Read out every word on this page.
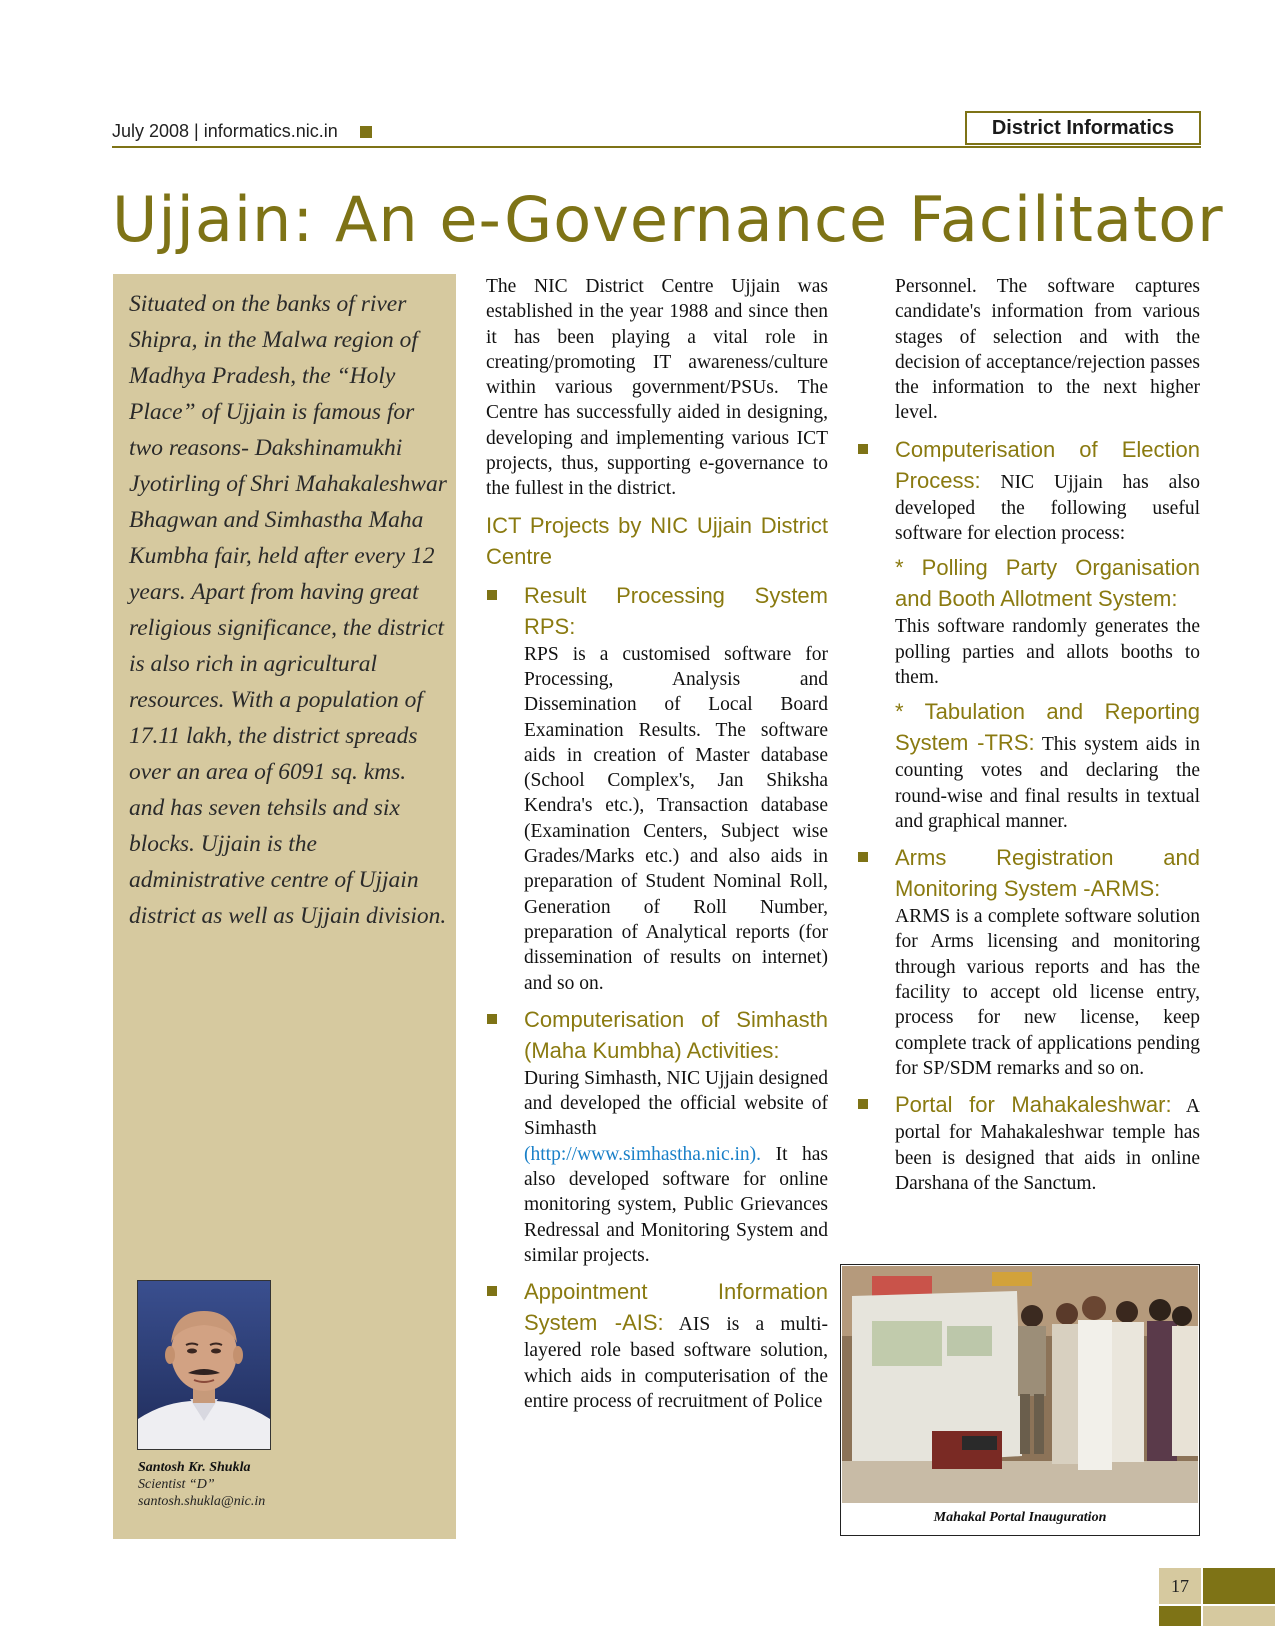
July 2008 | informatics.nic.in	District Informatics
Ujjain: An e-Governance Facilitator
Situated on the banks of river Shipra, in the Malwa region of Madhya Pradesh, the “Holy Place” of Ujjain is famous for two reasons- Dakshinamukhi Jyotirling of Shri Mahakaleshwar Bhagwan and Simhastha Maha Kumbha fair, held after every 12 years. Apart from having great religious significance, the district is also rich in agricultural resources. With a population of 17.11 lakh, the district spreads over an area of 6091 sq. kms. and has seven tehsils and six blocks. Ujjain is the administrative centre of Ujjain district as well as Ujjain division.
Santosh Kr. Shukla
Scientist “D”
santosh.shukla@nic.in

The NIC District Centre Ujjain was established in the year 1988 and since then it has been playing a vital role in creating/promoting IT awareness/culture within various government/PSUs. The Centre has successfully aided in designing, developing and implementing various ICT projects, thus, supporting e-governance to the fullest in the district.

ICT Projects by NIC Ujjain District Centre
Result Processing System RPS:

RPS is a customised software for Processing, Analysis and Dissemination of Local Board Examination Results. The software aids in creation of Master database (School Complex's, Jan Shiksha Kendra's etc.), Transaction database (Examination Centers, Subject wise Grades/Marks etc.) and also aids in preparation of Student Nominal Roll, Generation of Roll Number, preparation of Analytical reports (for dissemination of results on internet) and so on.

Computerisation of Simhasth (Maha Kumbha) Activities:

During Simhasth, NIC Ujjain designed and developed the official website of Simhasth (http://www.simhastha.nic.in). It has also developed software for online monitoring system, Public Grievances Redressal and Monitoring System and similar projects.

Appointment Information System -AIS: AIS is a multi-layered role based software solution, which aids in computerisation of the entire process of recruitment of Police

Personnel. The software captures candidate's information from various stages of selection and with the decision of acceptance/rejection passes the information to the next higher level.

Computerisation of Election Process: NIC Ujjain has also developed the following useful software for election process:

* Polling Party Organisation and Booth Allotment System:

This software randomly generates the polling parties and allots booths to them.

* Tabulation and Reporting System -TRS: This system aids in counting votes and declaring the round-wise and final results in textual and graphical manner.

Arms Registration and Monitoring System -ARMS:

ARMS is a complete software solution for Arms licensing and monitoring through various reports and has the facility to accept old license entry, process for new license, keep complete track of applications pending for SP/SDM remarks and so on.

Portal for Mahakaleshwar: A portal for Mahakaleshwar temple has been is designed that aids in online Darshana of the Sanctum.

Mahakal Portal Inauguration
17
